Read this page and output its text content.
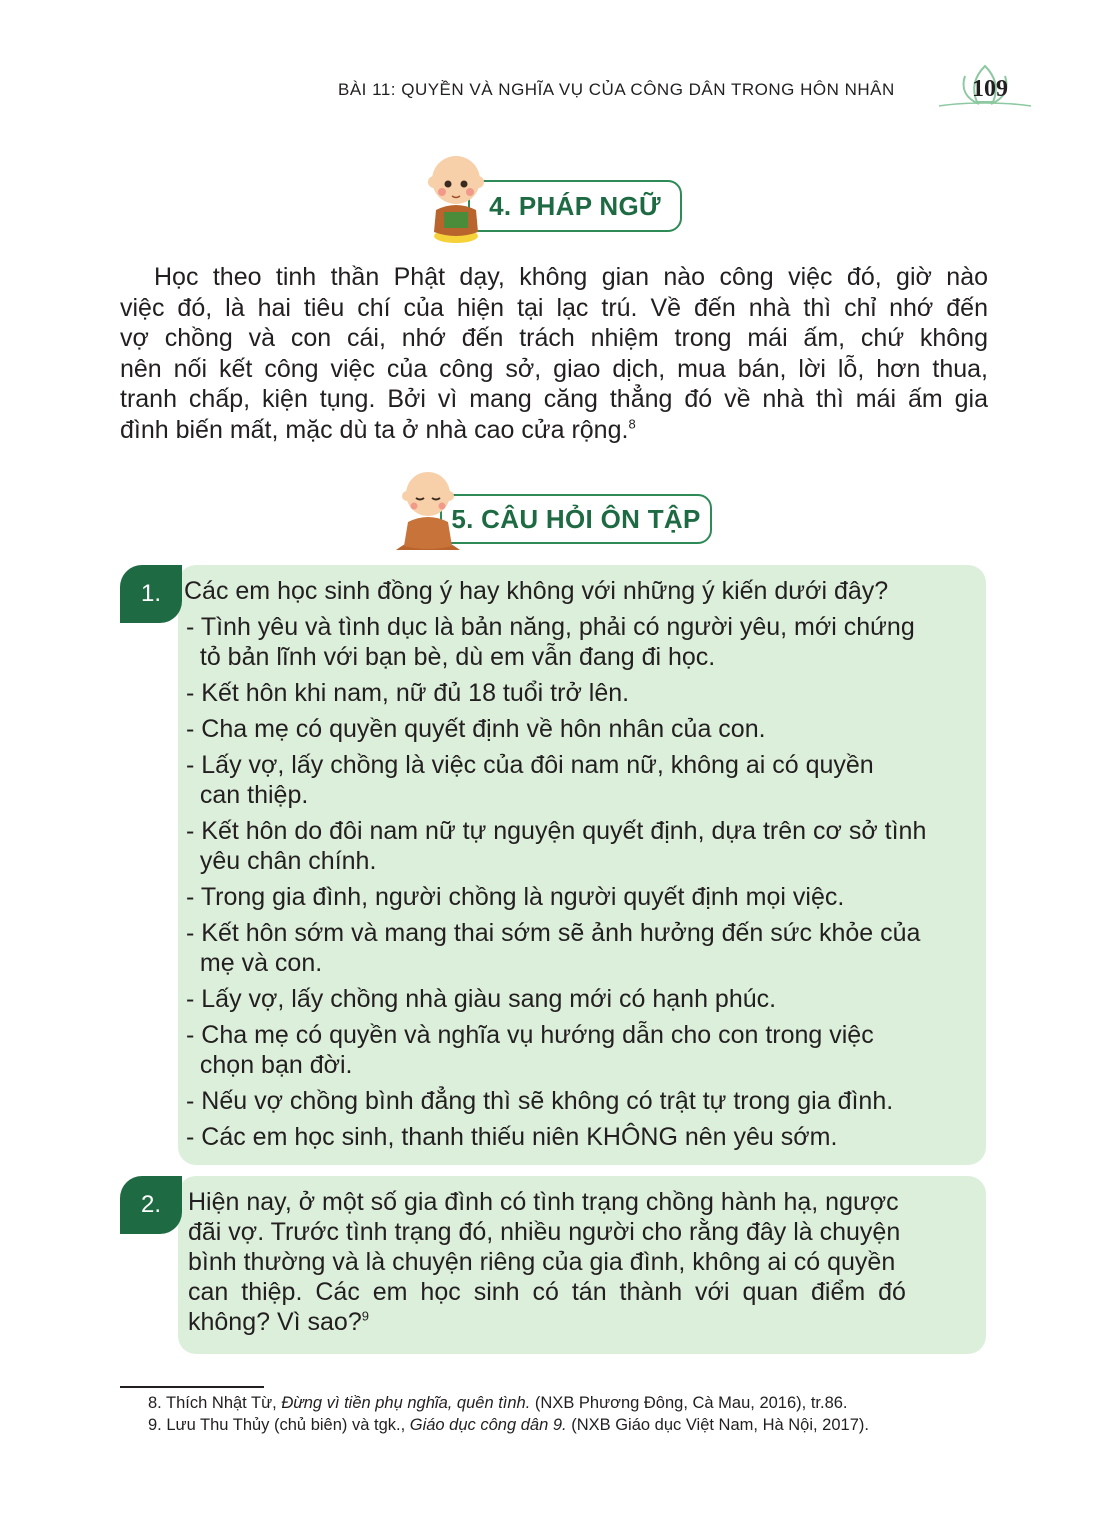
BÀI 11: QUYỀN VÀ NGHĨA VỤ CỦA CÔNG DÂN TRONG HÔN NHÂN	109
4. PHÁP NGỮ
Học theo tinh thần Phật dạy, không gian nào công việc đó, giờ nào
việc đó, là hai tiêu chí của hiện tại lạc trú. Về đến nhà thì chỉ nhớ đến
vợ chồng và con cái, nhớ đến trách nhiệm trong mái ấm, chứ không
nên nối kết công việc của công sở, giao dịch, mua bán, lời lỗ, hơn thua,
tranh chấp, kiện tụng. Bởi vì mang căng thẳng đó về nhà thì mái ấm gia
đình biến mất, mặc dù ta ở nhà cao cửa rộng.$^8$
5. CÂU HỎI ÔN TẬP
1. Các em học sinh đồng ý hay không với những ý kiến dưới đây?
- Tình yêu và tình dục là bản năng, phải có người yêu, mới chứng
tỏ bản lĩnh với bạn bè, dù em vẫn đang đi học.
- Kết hôn khi nam, nữ đủ 18 tuổi trở lên.
- Cha mẹ có quyền quyết định về hôn nhân của con.
- Lấy vợ, lấy chồng là việc của đôi nam nữ, không ai có quyền
can thiệp.
- Kết hôn do đôi nam nữ tự nguyện quyết định, dựa trên cơ sở tình
yêu chân chính.
- Trong gia đình, người chồng là người quyết định mọi việc.
- Kết hôn sớm và mang thai sớm sẽ ảnh hưởng đến sức khỏe của
mẹ và con.
- Lấy vợ, lấy chồng nhà giàu sang mới có hạnh phúc.
- Cha mẹ có quyền và nghĩa vụ hướng dẫn cho con trong việc
chọn bạn đời.
- Nếu vợ chồng bình đẳng thì sẽ không có trật tự trong gia đình.
- Các em học sinh, thanh thiếu niên KHÔNG nên yêu sớm.
2.	Hiện nay, ở một số gia đình có tình trạng chồng hành hạ, ngược
đãi vợ. Trước tình trạng đó, nhiều người cho rằng đây là chuyện
bình thường và là chuyện riêng của gia đình, không ai có quyền
can thiệp. Các em học sinh có tán thành với quan điểm đó
không? Vì sao?$^9$
8. Thích Nhật Từ, Đừng vì tiền phụ nghĩa, quên tình. (NXB Phương Đông, Cà Mau, 2016), tr.86.
9. Lưu Thu Thủy (chủ biên) và tgk., Giáo dục công dân 9. (NXB Giáo dục Việt Nam, Hà Nội, 2017).
